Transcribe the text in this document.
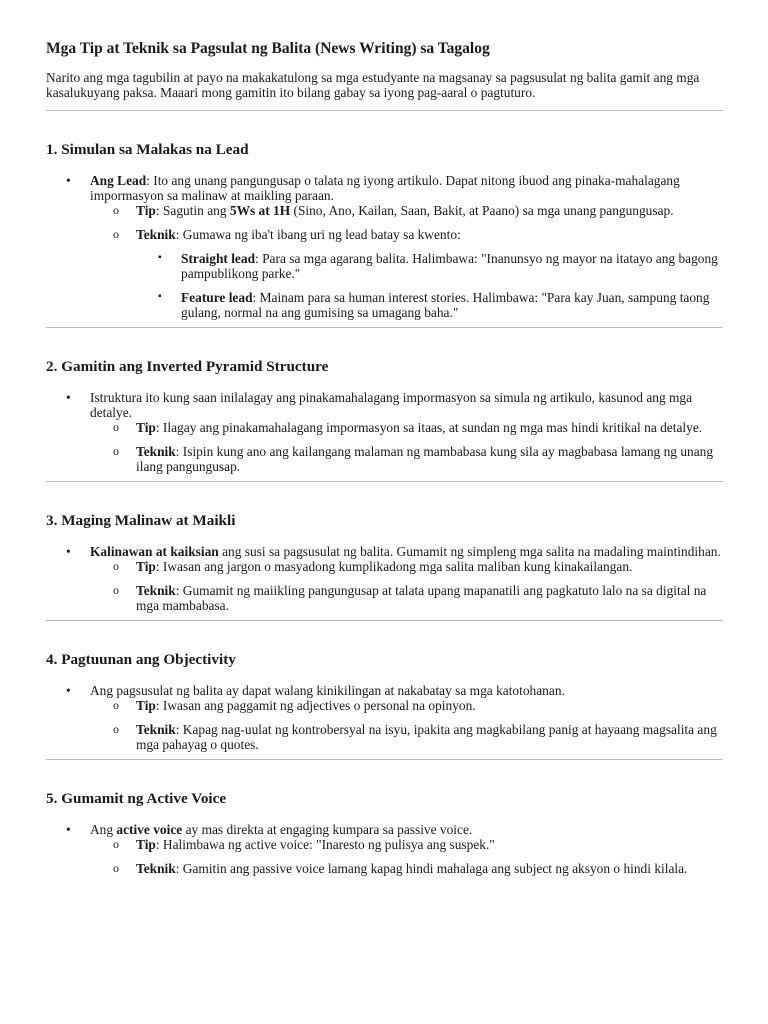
Mga Tip at Teknik sa Pagsulat ng Balita (News Writing) sa Tagalog

Narito ang mga tagubilin at payo na makakatulong sa mga estudyante na magsanay sa pagsusulat ng balita gamit ang mga kasalukuyang paksa. Maaari mong gamitin ito bilang gabay sa iyong pag-aaral o pagtuturo.

1. Simulan sa Malakas na Lead
• Ang Lead: Ito ang unang pangungusap o talata ng iyong artikulo. Dapat nitong ibuod ang pinaka-mahalagang impormasyon sa malinaw at maikling paraan.
o Tip: Sagutin ang 5Ws at 1H (Sino, Ano, Kailan, Saan, Bakit, at Paano) sa mga unang pangungusap.
o Teknik: Gumawa ng iba't ibang uri ng lead batay sa kwento:
▪ Straight lead: Para sa mga agarang balita. Halimbawa: "Inanunsyo ng mayor na itatayo ang bagong pampublikong parke."
▪ Feature lead: Mainam para sa human interest stories. Halimbawa: "Para kay Juan, sampung taong gulang, normal na ang gumising sa umagang baha."
2. Gamitin ang Inverted Pyramid Structure
• Istruktura ito kung saan inilalagay ang pinakamahalagang impormasyon sa simula ng artikulo, kasunod ang mga detalye.
o Tip: Ilagay ang pinakamahalagang impormasyon sa itaas, at sundan ng mga mas hindi kritikal na detalye.
o Teknik: Isipin kung ano ang kailangang malaman ng mambabasa kung sila ay magbabasa lamang ng unang ilang pangungusap.
3. Maging Malinaw at Maikli
• Kalinawan at kaiksian ang susi sa pagsusulat ng balita. Gumamit ng simpleng mga salita na madaling maintindihan.
o Tip: Iwasan ang jargon o masyadong kumplikadong mga salita maliban kung kinakailangan.
o Teknik: Gumamit ng maiikling pangungusap at talata upang mapanatili ang pagkatuto lalo na sa digital na mga mambabasa.
4. Pagtuunan ang Objectivity
• Ang pagsusulat ng balita ay dapat walang kinikilingan at nakabatay sa mga katotohanan.
o Tip: Iwasan ang paggamit ng adjectives o personal na opinyon.
o Teknik: Kapag nag-uulat ng kontrobersyal na isyu, ipakita ang magkabilang panig at hayaang magsalita ang mga pahayag o quotes.
5. Gumamit ng Active Voice
• Ang active voice ay mas direkta at engaging kumpara sa passive voice.
o Tip: Halimbawa ng active voice: "Inaresto ng pulisya ang suspek."
o Teknik: Gamitin ang passive voice lamang kapag hindi mahalaga ang subject ng aksyon o hindi kilala.
